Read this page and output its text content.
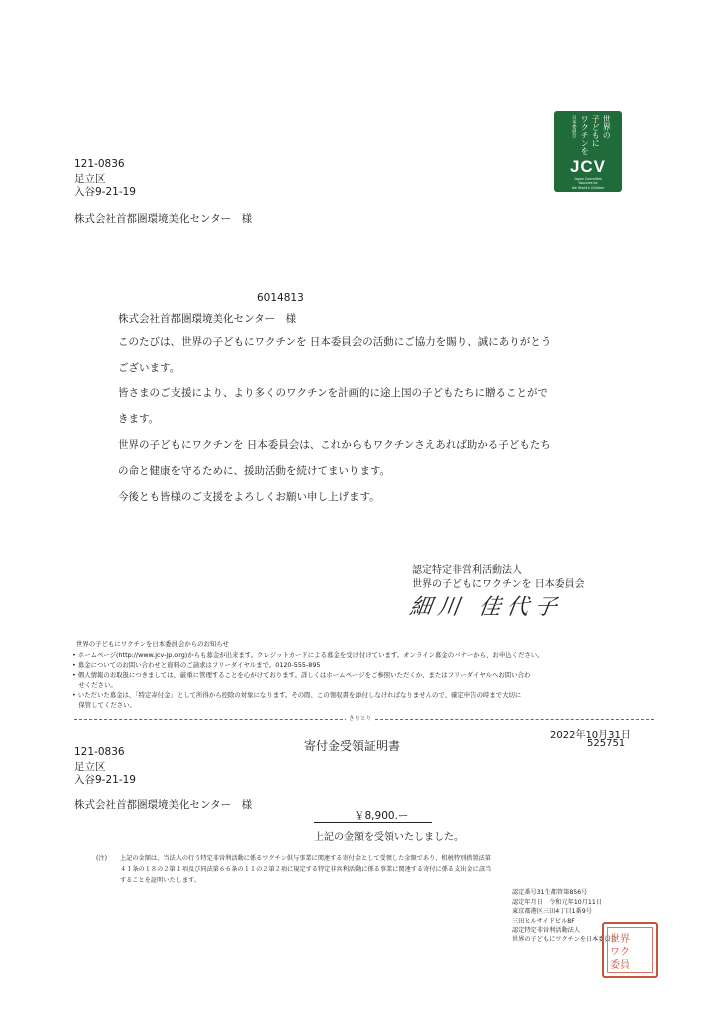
121-0836
足立区
入谷9-21-19
株式会社首都圏環境美化センター　様
世界の
子どもに
ワクチンを
日本委員会
JCV
Japan Committee
Vaccines for
the World's Children
6014813
株式会社首都圏環境美化センター　様
このたびは、世界の子どもにワクチンを 日本委員会の活動にご協力を賜り、誠にありがとう
ございます。
皆さまのご支援により、より多くのワクチンを計画的に途上国の子どもたちに贈ることがで
きます。
世界の子どもにワクチンを 日本委員会は、これからもワクチンさえあれば助かる子どもたち
の命と健康を守るために、援助活動を続けてまいります。
今後とも皆様のご支援をよろしくお願い申し上げます。
認定特定非営利活動法人
世界の子どもにワクチンを 日本委員会
細川 佳代子
世界の子どもにワクチンを日本委員会からのお知らせ
• ホームページ(http://www.jcv-jp.org)からも募金が出来ます。クレジットカードによる募金を受け付けています。オンライン募金のバナーから、お申込ください。
• 募金についてのお問い合わせと資料のご請求はフリーダイヤルまで。0120-555-895
• 個人情報のお取扱につきましては、厳重に管理することを心がけております。詳しくはホームページをご参照いただくか、またはフリーダイヤルへお問い合わ
　せください。
• いただいた募金は、「特定寄付金」として所得から控除の対象になります。その際、この領収書を添付しなければなりませんので、確定申告の時まで大切に
　保管してください。
きりとり
寄付金受領証明書
2022年10月31日
525751
121-0836
足立区
入谷9-21-19
株式会社首都圏環境美化センター　様
￥8,900.ー
上記の金額を受領いたしました。
(注) 上記の金額は、当法人の行う特定非営利活動に係るワクチン供与事業に関連する寄付金として受領した金額であり、租税特別措置法第
４１条の１８の２第１項及び同法第６６条の１１の２第２項に規定する特定非営利活動に係る事業に関連する寄付に係る支出金に該当
することを証明いたします。
認定番号31生都管第856号
認定年月日　令和元年10月11日
東京都港区三田4丁目1番9号
三田ヒルサイドビル8F
認定特定非営利活動法人
世界の子どもにワクチンを日本委員会
世界
ワク
委員
